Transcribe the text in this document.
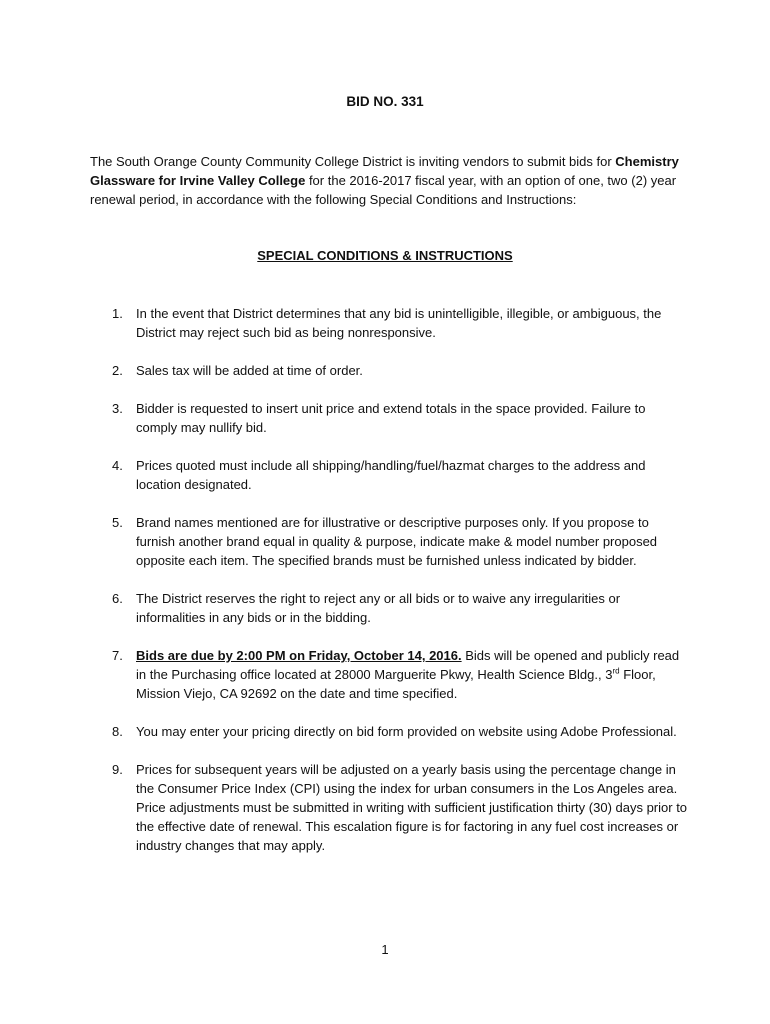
BID NO. 331

The South Orange County Community College District is inviting vendors to submit bids for Chemistry Glassware for Irvine Valley College for the 2016-2017 fiscal year, with an option of one, two (2) year renewal period, in accordance with the following Special Conditions and Instructions:

SPECIAL CONDITIONS & INSTRUCTIONS
1. In the event that District determines that any bid is unintelligible, illegible, or ambiguous, the District may reject such bid as being nonresponsive.
2. Sales tax will be added at time of order.
3. Bidder is requested to insert unit price and extend totals in the space provided. Failure to comply may nullify bid.
4. Prices quoted must include all shipping/handling/fuel/hazmat charges to the address and location designated.
5. Brand names mentioned are for illustrative or descriptive purposes only. If you propose to furnish another brand equal in quality & purpose, indicate make & model number proposed opposite each item. The specified brands must be furnished unless indicated by bidder.
6. The District reserves the right to reject any or all bids or to waive any irregularities or informalities in any bids or in the bidding.
7. Bids are due by 2:00 PM on Friday, October 14, 2016. Bids will be opened and publicly read in the Purchasing office located at 28000 Marguerite Pkwy, Health Science Bldg., 3rd Floor, Mission Viejo, CA 92692 on the date and time specified.
8. You may enter your pricing directly on bid form provided on website using Adobe Professional.
9. Prices for subsequent years will be adjusted on a yearly basis using the percentage change in the Consumer Price Index (CPI) using the index for urban consumers in the Los Angeles area. Price adjustments must be submitted in writing with sufficient justification thirty (30) days prior to the effective date of renewal. This escalation figure is for factoring in any fuel cost increases or industry changes that may apply.
1
